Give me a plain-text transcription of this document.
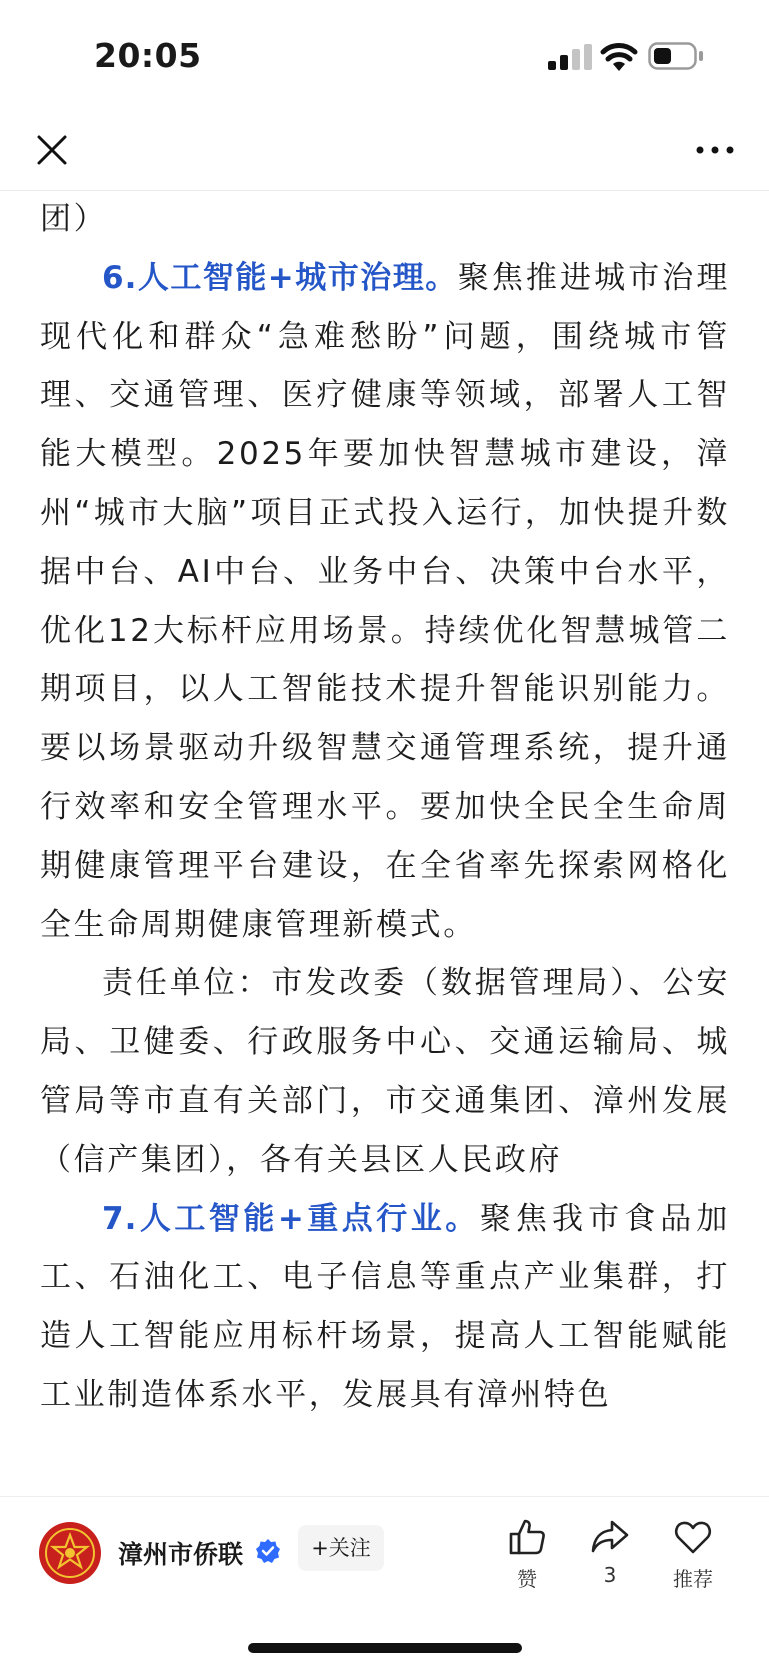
20:05

团）

6.人工智能+城市治理。聚焦推进城市治理现代化和群众“急难愁盼”问题，围绕城市管理、交通管理、医疗健康等领域，部署人工智能大模型。2025年要加快智慧城市建设，漳州“城市大脑”项目正式投入运行，加快提升数据中台、AI中台、业务中台、决策中台水平，优化12大标杆应用场景。持续优化智慧城管二期项目，以人工智能技术提升智能识别能力。要以场景驱动升级智慧交通管理系统，提升通行效率和安全管理水平。要加快全民全生命周期健康管理平台建设，在全省率先探索网格化全生命周期健康管理新模式。

责任单位：市发改委（数据管理局）、公安局、卫健委、行政服务中心、交通运输局、城管局等市直有关部门，市交通集团、漳州发展（信产集团），各有关县区人民政府

7.人工智能+重点行业。聚焦我市食品加工、石油化工、电子信息等重点产业集群，打造人工智能应用标杆场景，提高人工智能赋能工业制造体系水平，发展具有漳州特色

漳州市侨联	+关注
赞	3	推荐
